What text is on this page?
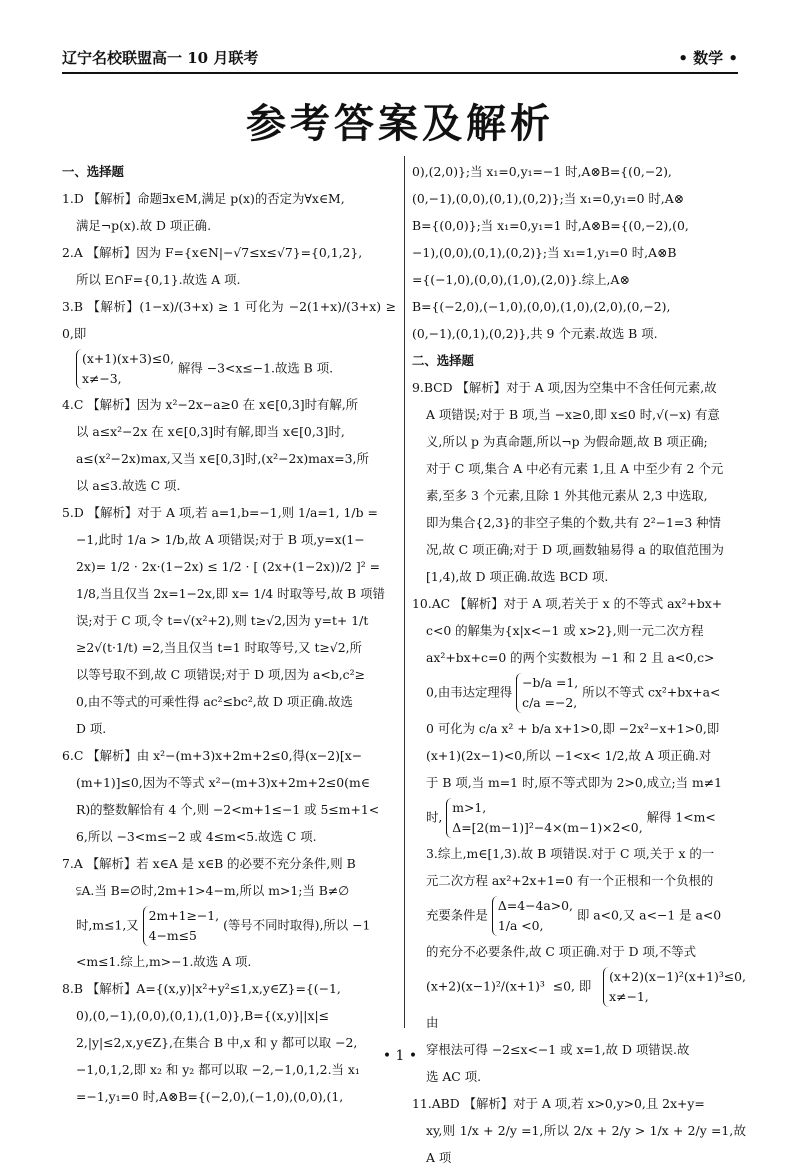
辽宁名校联盟高一 10 月联考	• 数学 •
参考答案及解析
一、选择题

1.D 【解析】命题∃x∈M,满足 p(x)的否定为∀x∈M,

满足¬p(x).故 D 项正确.

2.A 【解析】因为 F={x∈N|−√7≤x≤√7}={0,1,2},

所以 E∩F={0,1}.故选 A 项.

3.B 【解析】(1−x)/(3+x) ≥ 1 可化为 −2(1+x)/(3+x) ≥ 0,即

(x+1)(x+3)≤0,
x≠−3, 解得 −3<x≤−1.故选 B 项.

4.C 【解析】因为 x²−2x−a≥0 在 x∈[0,3]时有解,所

以 a≤x²−2x 在 x∈[0,3]时有解,即当 x∈[0,3]时,

a≤(x²−2x)max,又当 x∈[0,3]时,(x²−2x)max=3,所

以 a≤3.故选 C 项.

5.D 【解析】对于 A 项,若 a=1,b=−1,则 1/a=1, 1/b =

−1,此时 1/a > 1/b,故 A 项错误;对于 B 项,y=x(1−

2x)= 1/2 · 2x·(1−2x) ≤ 1/2 · [ (2x+(1−2x))/2 ]² =

1/8,当且仅当 2x=1−2x,即 x= 1/4 时取等号,故 B 项错

误;对于 C 项,令 t=√(x²+2),则 t≥√2,因为 y=t+ 1/t

≥2√(t·1/t) =2,当且仅当 t=1 时取等号,又 t≥√2,所

以等号取不到,故 C 项错误;对于 D 项,因为 a<b,c²≥

0,由不等式的可乘性得 ac²≤bc²,故 D 项正确.故选

D 项.

6.C 【解析】由 x²−(m+3)x+2m+2≤0,得(x−2)[x−

(m+1)]≤0,因为不等式 x²−(m+3)x+2m+2≤0(m∈

R)的整数解恰有 4 个,则 −2<m+1≤−1 或 5≤m+1<

6,所以 −3<m≤−2 或 4≤m<5.故选 C 项.

7.A 【解析】若 x∈A 是 x∈B 的必要不充分条件,则 B

⫋A.当 B=∅时,2m+1>4−m,所以 m>1;当 B≠∅

时,m≤1,又 2m+1≥−1,
4−m≤5 (等号不同时取得),所以 −1

<m≤1.综上,m>−1.故选 A 项.

8.B 【解析】A={(x,y)|x²+y²≤1,x,y∈Z}={(−1,

0),(0,−1),(0,0),(0,1),(1,0)},B={(x,y)||x|≤

2,|y|≤2,x,y∈Z},在集合 B 中,x 和 y 都可以取 −2,

−1,0,1,2,即 x₂ 和 y₂ 都可以取 −2,−1,0,1,2.当 x₁

=−1,y₁=0 时,A⊗B={(−2,0),(−1,0),(0,0),(1,

0),(2,0)};当 x₁=0,y₁=−1 时,A⊗B={(0,−2),

(0,−1),(0,0),(0,1),(0,2)};当 x₁=0,y₁=0 时,A⊗

B={(0,0)};当 x₁=0,y₁=1 时,A⊗B={(0,−2),(0,

−1),(0,0),(0,1),(0,2)};当 x₁=1,y₁=0 时,A⊗B

={(−1,0),(0,0),(1,0),(2,0)}.综上,A⊗

B={(−2,0),(−1,0),(0,0),(1,0),(2,0),(0,−2),

(0,−1),(0,1),(0,2)},共 9 个元素.故选 B 项.

二、选择题

9.BCD 【解析】对于 A 项,因为空集中不含任何元素,故

A 项错误;对于 B 项,当 −x≥0,即 x≤0 时,√(−x) 有意

义,所以 p 为真命题,所以¬p 为假命题,故 B 项正确;

对于 C 项,集合 A 中必有元素 1,且 A 中至少有 2 个元

素,至多 3 个元素,且除 1 外其他元素从 2,3 中选取,

即为集合{2,3}的非空子集的个数,共有 2²−1=3 种情

况,故 C 项正确;对于 D 项,画数轴易得 a 的取值范围为

[1,4),故 D 项正确.故选 BCD 项.

10.AC 【解析】对于 A 项,若关于 x 的不等式 ax²+bx+

c<0 的解集为{x|x<−1 或 x>2},则一元二次方程

ax²+bx+c=0 的两个实数根为 −1 和 2 且 a<0,c>

0,由韦达定理得 −b/a =1,
c/a =−2, 所以不等式 cx²+bx+a<

0 可化为 c/a x² + b/a x+1>0,即 −2x²−x+1>0,即

(x+1)(2x−1)<0,所以 −1<x< 1/2,故 A 项正确.对

于 B 项,当 m=1 时,原不等式即为 2>0,成立;当 m≠1

时, m>1,
Δ=[2(m−1)]²−4×(m−1)×2<0, 解得 1<m<

3.综上,m∈[1,3).故 B 项错误.对于 C 项,关于 x 的一

元二次方程 ax²+2x+1=0 有一个正根和一个负根的

充要条件是 Δ=4−4a>0,
1/a <0, 即 a<0,又 a<−1 是 a<0

的充分不必要条件,故 C 项正确.对于 D 项,不等式

(x+2)(x−1)²/(x+1)³ ≤0,即 (x+2)(x−1)²(x+1)³≤0,
x≠−1, 由

穿根法可得 −2≤x<−1 或 x=1,故 D 项错误.故

选 AC 项.

11.ABD 【解析】对于 A 项,若 x>0,y>0,且 2x+y=

xy,则 1/x + 2/y =1,所以 2/x + 2/y > 1/x + 2/y =1,故 A 项

• 1 •
